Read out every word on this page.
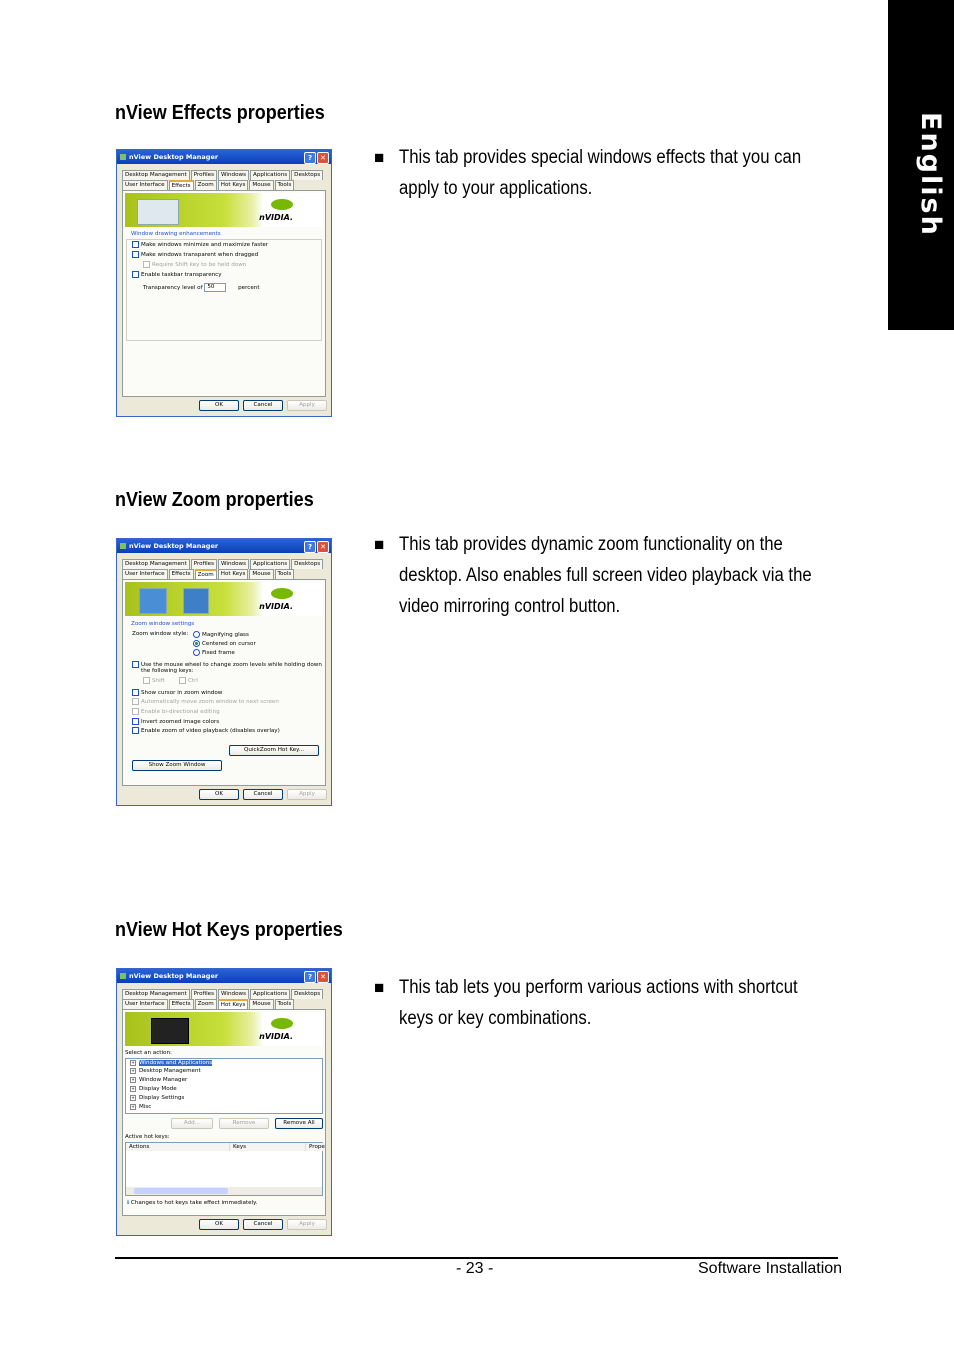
English
nView Effects properties
■ This tab provides special windows effects that you can apply to your applications.
nView Desktop Manager	?	✕
Desktop Management Profiles Windows Applications Desktops
User Interface Effects Zoom Hot Keys Mouse Tools
nVIDIA.
Window drawing enhancements
Make windows minimize and maximize faster
Make windows transparent when dragged
Require Shift key to be held down
Enable taskbar transparency
Transparency level of 50	percent
OK	Cancel	Apply
nView Zoom properties
■ This tab provides dynamic zoom functionality on the desktop. Also enables full screen video playback via the video mirroring control button.
nView Desktop Manager	?	✕
Desktop Management Profiles Windows Applications Desktops
User Interface Effects Zoom Hot Keys Mouse Tools
nVIDIA.
Zoom window settings
Zoom window style:	Magnifying glass
Centered on cursor
Fixed frame
Use the mouse wheel to change zoom levels while holding down
the following keys:
Shift	Ctrl
Show cursor in zoom window
Automatically move zoom window to next screen
Enable bi-directional editing
Invert zoomed image colors
Enable zoom of video playback (disables overlay)
QuickZoom Hot Key...
Show Zoom Window
OK	Cancel	Apply
nView Hot Keys properties
■ This tab lets you perform various actions with shortcut keys or key combinations.
nView Desktop Manager	?	✕
Desktop Management Profiles Windows Applications Desktops
User Interface Effects Zoom Hot Keys Mouse Tools
nVIDIA.
Select an action:
+ Windows and Applications
+ Desktop Management
+ Window Manager
+ Display Mode
+ Display Settings
+ Misc
Add...	Remove	Remove All
Active hot keys:
Actions	Keys	Prope
ℹ Changes to hot keys take effect immediately.
OK	Cancel	Apply
- 23 -	Software Installation
